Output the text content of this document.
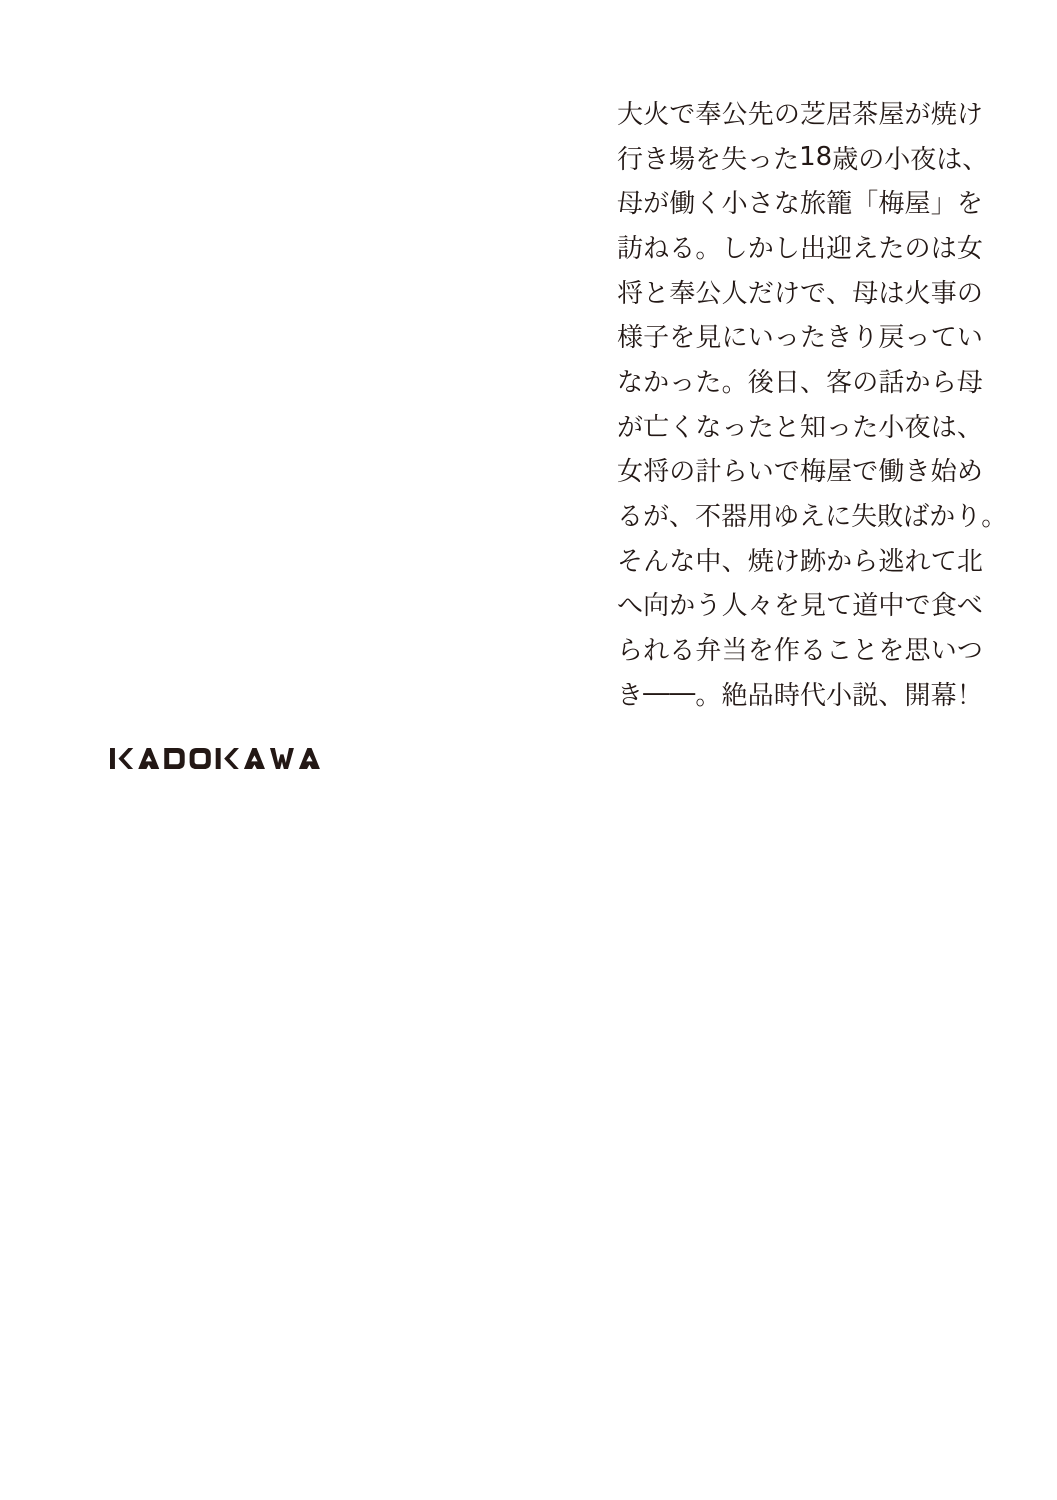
大 火 で 奉 公 先 の 芝 居 茶 屋 が 焼 け
行 き 場 を 失 っ た 1 8 歳 の 小 夜 は 、
母 が 働 く 小 さ な 旅 籠 「 梅 屋 」 を
訪 ね る 。 し か し 出 迎 え た の は 女
将 と 奉 公 人 だ け で 、 母 は 火 事 の
様 子 を 見 に い っ た き り 戻 っ て い
な か っ た 。 後 日 、 客 の 話 か ら 母
が 亡 く な っ た と 知 っ た 小 夜 は 、
女 将 の 計 ら い で 梅 屋 で 働 き 始 め
る が 、 不 器 用 ゆ え に 失 敗 ば か り 。
そ ん な 中 、 焼 け 跡 か ら 逃 れ て 北
へ 向 か う 人 々 を 見 て 道 中 で 食 べ
ら れ る 弁 当 を 作 る こ と を 思 い つ
き ― ― 。 絶 品 時 代 小 説 、 開 幕 ！
